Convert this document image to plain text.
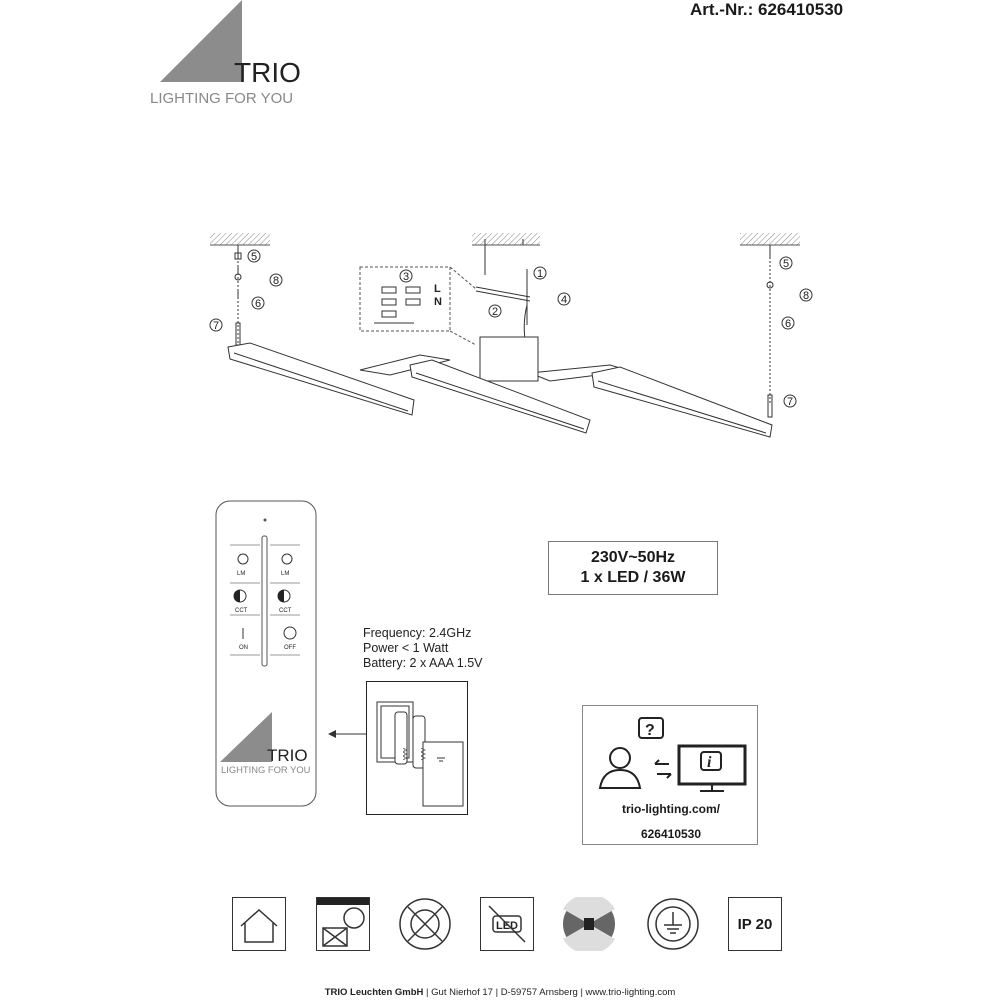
Art.-Nr.: 626410530
TRIO
LIGHTING FOR YOU
5
8
6
7
5
8
6
7
1
2
4
3
L
N
LM	LM
CCT	CCT
ON	OFF
TRIO
LIGHTING FOR YOU
230V~50Hz
1 x LED / 36W
Frequency: 2.4GHz
Power < 1 Watt
Battery: 2 x AAA 1.5V
AAA AAA
?
i
trio-lighting.com/
626410530
LED	IP 20
TRIO Leuchten GmbH | Gut Nierhof 17 | D-59757 Arnsberg | www.trio-lighting.com
